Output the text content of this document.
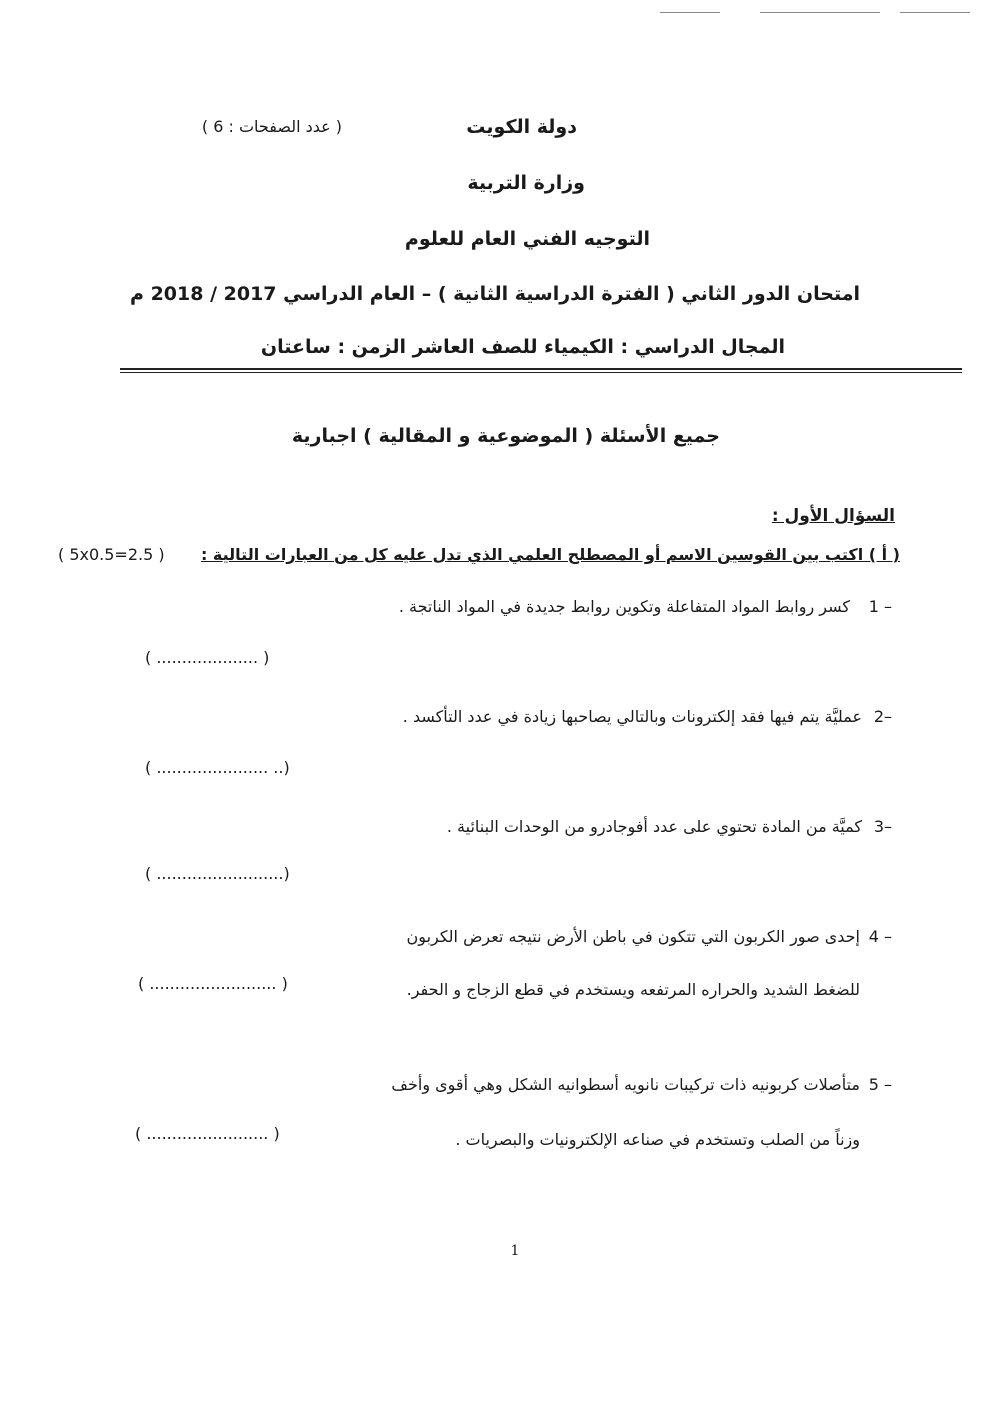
دولة الكويت
( عدد الصفحات : 6 )
وزارة التربية
التوجيه الفني العام للعلوم
امتحان الدور الثاني ( الفترة الدراسية الثانية ) – العام الدراسي 2017 / 2018 م
المجال الدراسي : الكيمياء للصف العاشر الزمن : ساعتان
جميع الأسئلة ( الموضوعية و المقالية ) اجبارية
السؤال الأول :
( أ ) اكتب بين القوسين الاسم أو المصطلح العلمي الذي تدل عليه كل من العبارات التالية :
( 5x0.5=2.5 )
1 –
كسر روابط المواد المتفاعلة وتكوين روابط جديدة في المواد الناتجة .
( .................... )
2–
عمليَّة يتم فيها فقد إلكترونات وبالتالي يصاحبها زيادة في عدد التأكسد .
( ...................... ..)
3–
كميَّة من المادة تحتوي على عدد أفوجادرو من الوحدات البنائية .
( .........................)
4 –
إحدى صور الكربون التي تتكون في باطن الأرض نتيجه تعرض الكربون
للضغط الشديد والحراره المرتفعه ويستخدم في قطع الزجاج و الحفر.
( ......................... )
5 –
متأصلات كربونيه ذات تركيبات نانويه أسطوانيه الشكل وهي أقوى وأخف
وزناً من الصلب وتستخدم في صناعه الإلكترونيات والبصريات .
( ........................ )
1
